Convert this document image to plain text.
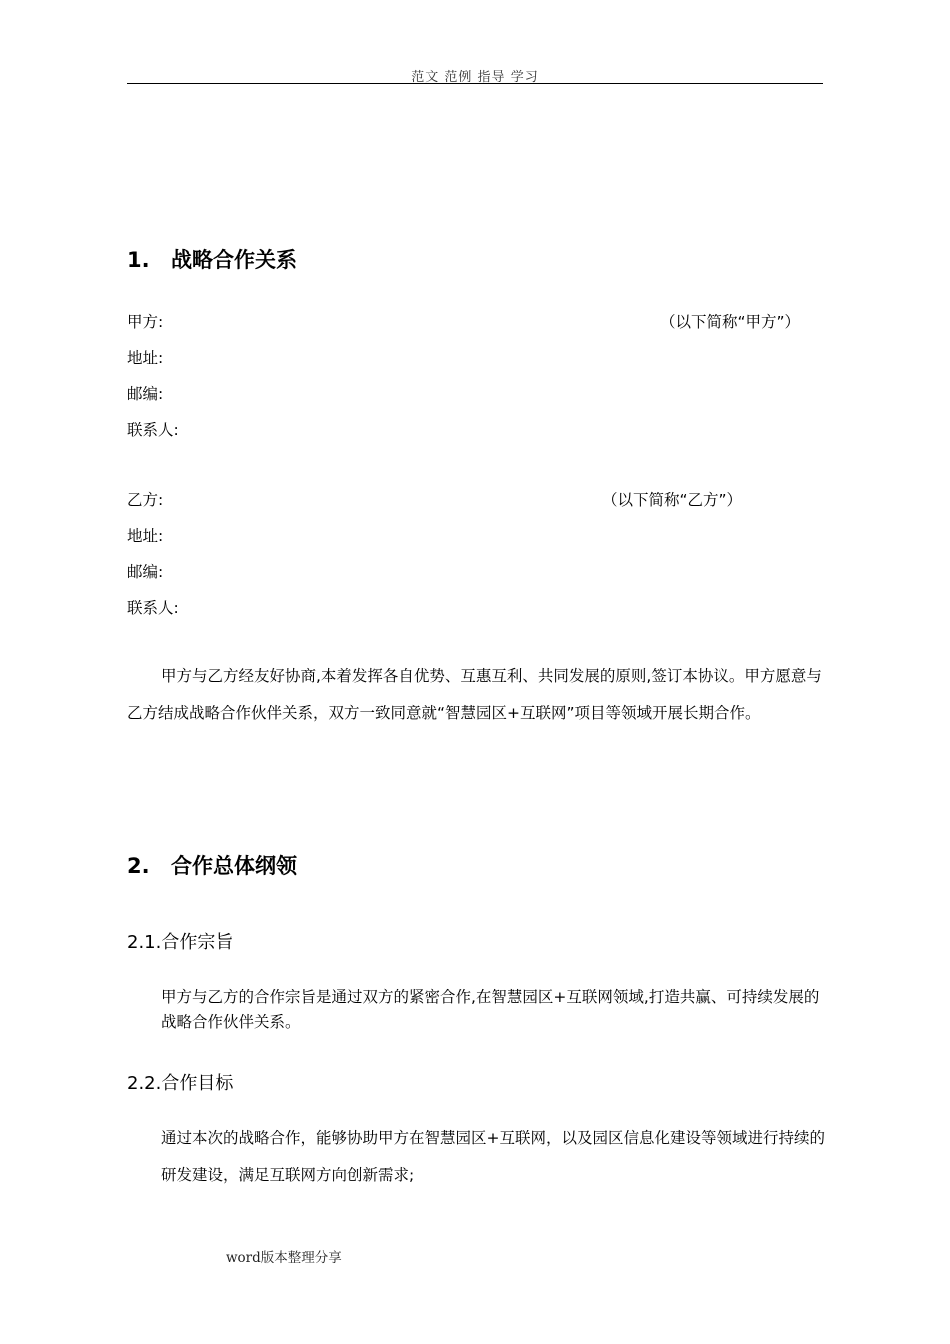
范文 范例 指导 学习
1. 战略合作关系
甲方:	（以下简称“甲方”）
地址:
邮编:
联系人:
乙方:	（以下简称“乙方”）
地址:
邮编:
联系人:
甲方与乙方经友好协商,本着发挥各自优势、互惠互利、共同发展的原则,签订本协议。甲方愿意与乙方结成战略合作伙伴关系，双方一致同意就“智慧园区+互联网”项目等领域开展长期合作。
2. 合作总体纲领
2.1.合作宗旨
甲方与乙方的合作宗旨是通过双方的紧密合作,在智慧园区+互联网领域,打造共赢、可持续发展的战略合作伙伴关系。
2.2.合作目标
通过本次的战略合作，能够协助甲方在智慧园区+互联网，以及园区信息化建设等领域进行持续的研发建设，满足互联网方向创新需求;
word版本整理分享
